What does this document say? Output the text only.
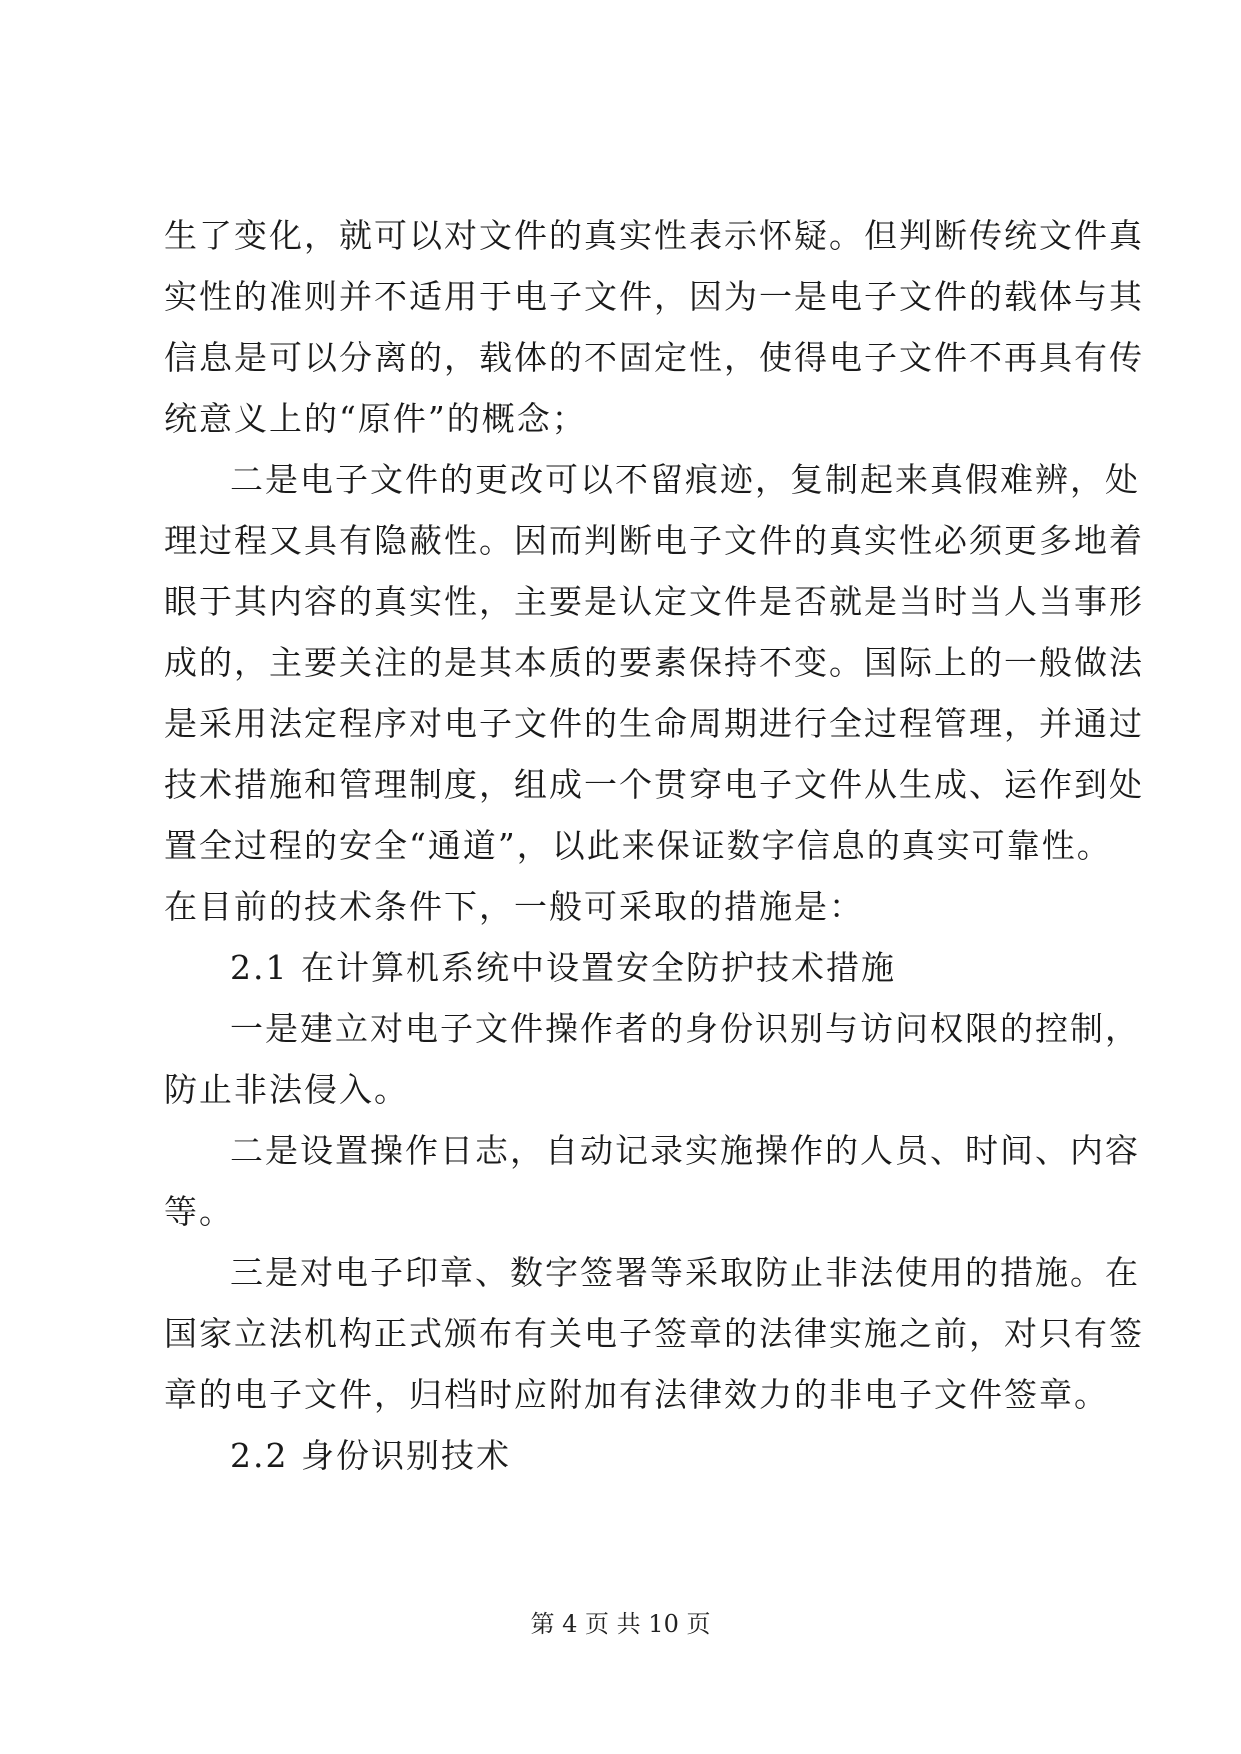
生了变化，就可以对文件的真实性表示怀疑。但判断传统文件真
实性的准则并不适用于电子文件，因为一是电子文件的载体与其
信息是可以分离的，载体的不固定性，使得电子文件不再具有传
统意义上的“原件”的概念；
二是电子文件的更改可以不留痕迹，复制起来真假难辨，处
理过程又具有隐蔽性。因而判断电子文件的真实性必须更多地着
眼于其内容的真实性，主要是认定文件是否就是当时当人当事形
成的，主要关注的是其本质的要素保持不变。国际上的一般做法
是采用法定程序对电子文件的生命周期进行全过程管理，并通过
技术措施和管理制度，组成一个贯穿电子文件从生成、运作到处
置全过程的安全“通道”，以此来保证数字信息的真实可靠性。
在目前的技术条件下，一般可采取的措施是：
2.1 在计算机系统中设置安全防护技术措施
一是建立对电子文件操作者的身份识别与访问权限的控制，
防止非法侵入。
二是设置操作日志，自动记录实施操作的人员、时间、内容
等。
三是对电子印章、数字签署等采取防止非法使用的措施。在
国家立法机构正式颁布有关电子签章的法律实施之前，对只有签
章的电子文件，归档时应附加有法律效力的非电子文件签章。
2.2 身份识别技术
第 4 页 共 10 页
